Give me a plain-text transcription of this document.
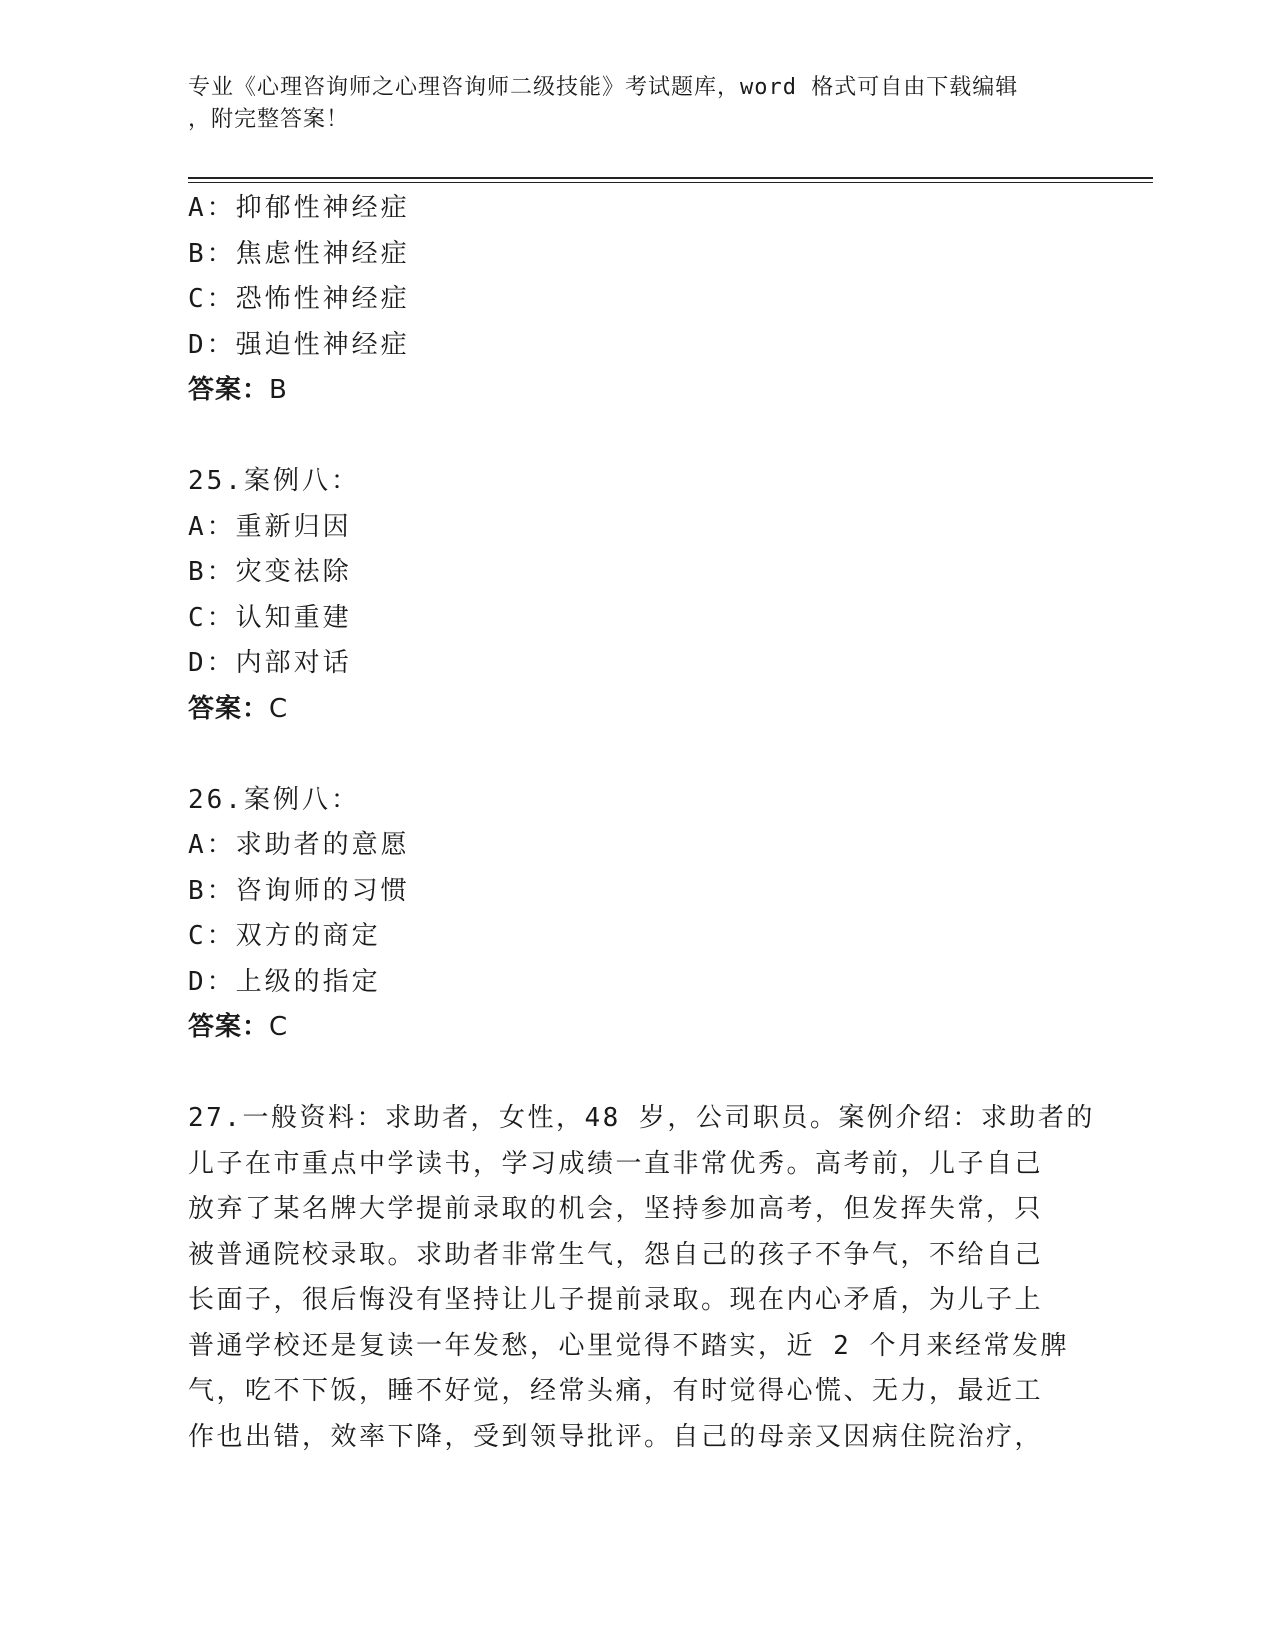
专业《心理咨询师之心理咨询师二级技能》考试题库，word 格式可自由下载编辑
，附完整答案！
A：抑郁性神经症
B：焦虑性神经症
C：恐怖性神经症
D：强迫性神经症
答案：B
25.案例八：
A：重新归因
B：灾变祛除
C：认知重建
D：内部对话
答案：C
26.案例八：
A：求助者的意愿
B：咨询师的习惯
C：双方的商定
D：上级的指定
答案：C
27.一般资料：求助者，女性，48 岁，公司职员。案例介绍：求助者的
儿子在市重点中学读书，学习成绩一直非常优秀。高考前，儿子自己
放弃了某名牌大学提前录取的机会，坚持参加高考，但发挥失常，只
被普通院校录取。求助者非常生气，怨自己的孩子不争气，不给自己
长面子，很后悔没有坚持让儿子提前录取。现在内心矛盾，为儿子上
普通学校还是复读一年发愁，心里觉得不踏实，近 2 个月来经常发脾
气，吃不下饭，睡不好觉，经常头痛，有时觉得心慌、无力，最近工
作也出错，效率下降，受到领导批评。自己的母亲又因病住院治疗，
